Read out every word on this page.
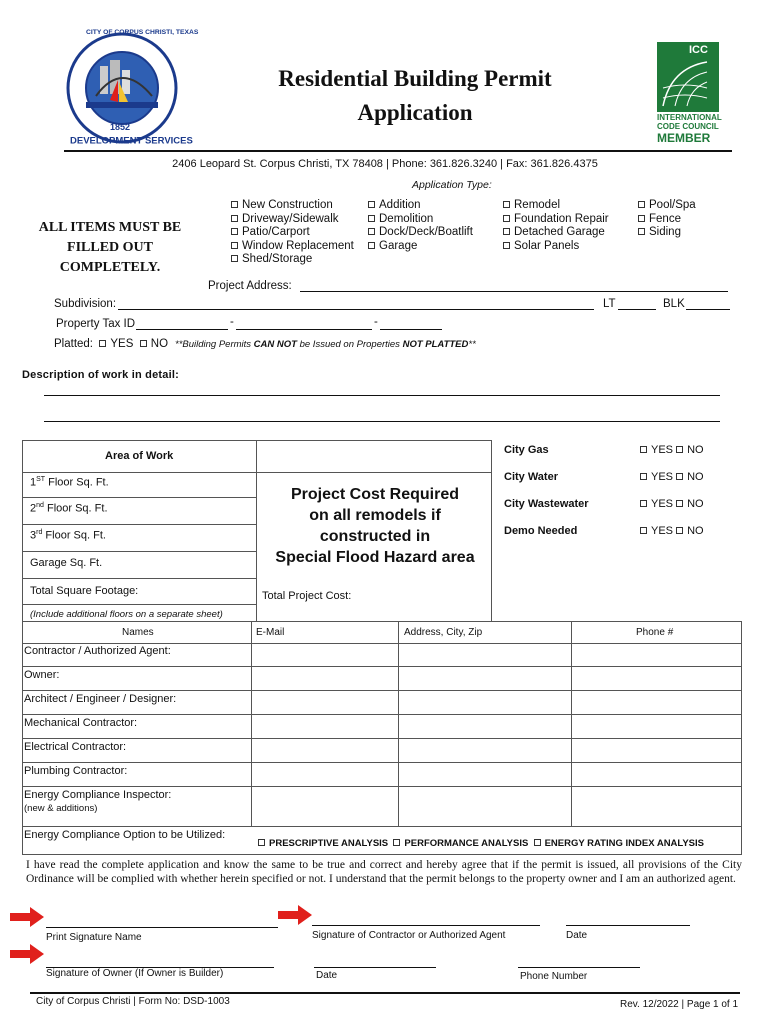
CITY OF CORPUS CHRISTI, TEXAS
1852
DEVELOPMENT SERVICES
Residential Building Permit
Application
ICC
INTERNATIONAL
CODE COUNCIL
MEMBER
2406 Leopard St. Corpus Christi, TX 78408 | Phone: 361.826.3240 | Fax: 361.826.4375
Application Type:
ALL ITEMS MUST BE
FILLED OUT
COMPLETELY.
New Construction
Driveway/Sidewalk
Patio/Carport
Window Replacement
Shed/Storage
Addition
Demolition
Dock/Deck/Boatlift
Garage
Remodel
Foundation Repair
Detached Garage
Solar Panels
Pool/Spa
Fence
Siding
Project Address:
Subdivision:	LT	BLK
Property Tax ID	-	-
Platted: YES NO **Building Permits CAN NOT be Issued on Properties NOT PLATTED**
Description of work in detail:
Area of Work
1ST Floor Sq. Ft.
2nd Floor Sq. Ft.
3rd Floor Sq. Ft.
Garage Sq. Ft.
Total Square Footage:
(Include additional floors on a separate sheet)
Project Cost Required
on all remodels if
constructed in
Special Flood Hazard area
Total Project Cost:
City Gas	YES NO
City Water	YES NO
City Wastewater	YES NO
Demo Needed	YES NO
Names	E-Mail	Address, City, Zip	Phone #
Contractor / Authorized Agent:
Owner:
Architect / Engineer / Designer:
Mechanical Contractor:
Electrical Contractor:
Plumbing Contractor:
Energy Compliance Inspector:
(new & additions)
Energy Compliance Option to be Utilized:
PRESCRIPTIVE ANALYSIS PERFORMANCE ANALYSIS ENERGY RATING INDEX ANALYSIS
I have read the complete application and know the same to be true and correct and hereby agree that if the permit is issued, all provisions of the City Ordinance will be complied with whether herein specified or not. I understand that the permit belongs to the property owner and I am an authorized agent.
Print Signature Name	Signature of Contractor or Authorized Agent	Date
Signature of Owner (If Owner is Builder)	Date	Phone Number
City of Corpus Christi | Form No: DSD-1003	Rev. 12/2022 | Page 1 of 1
